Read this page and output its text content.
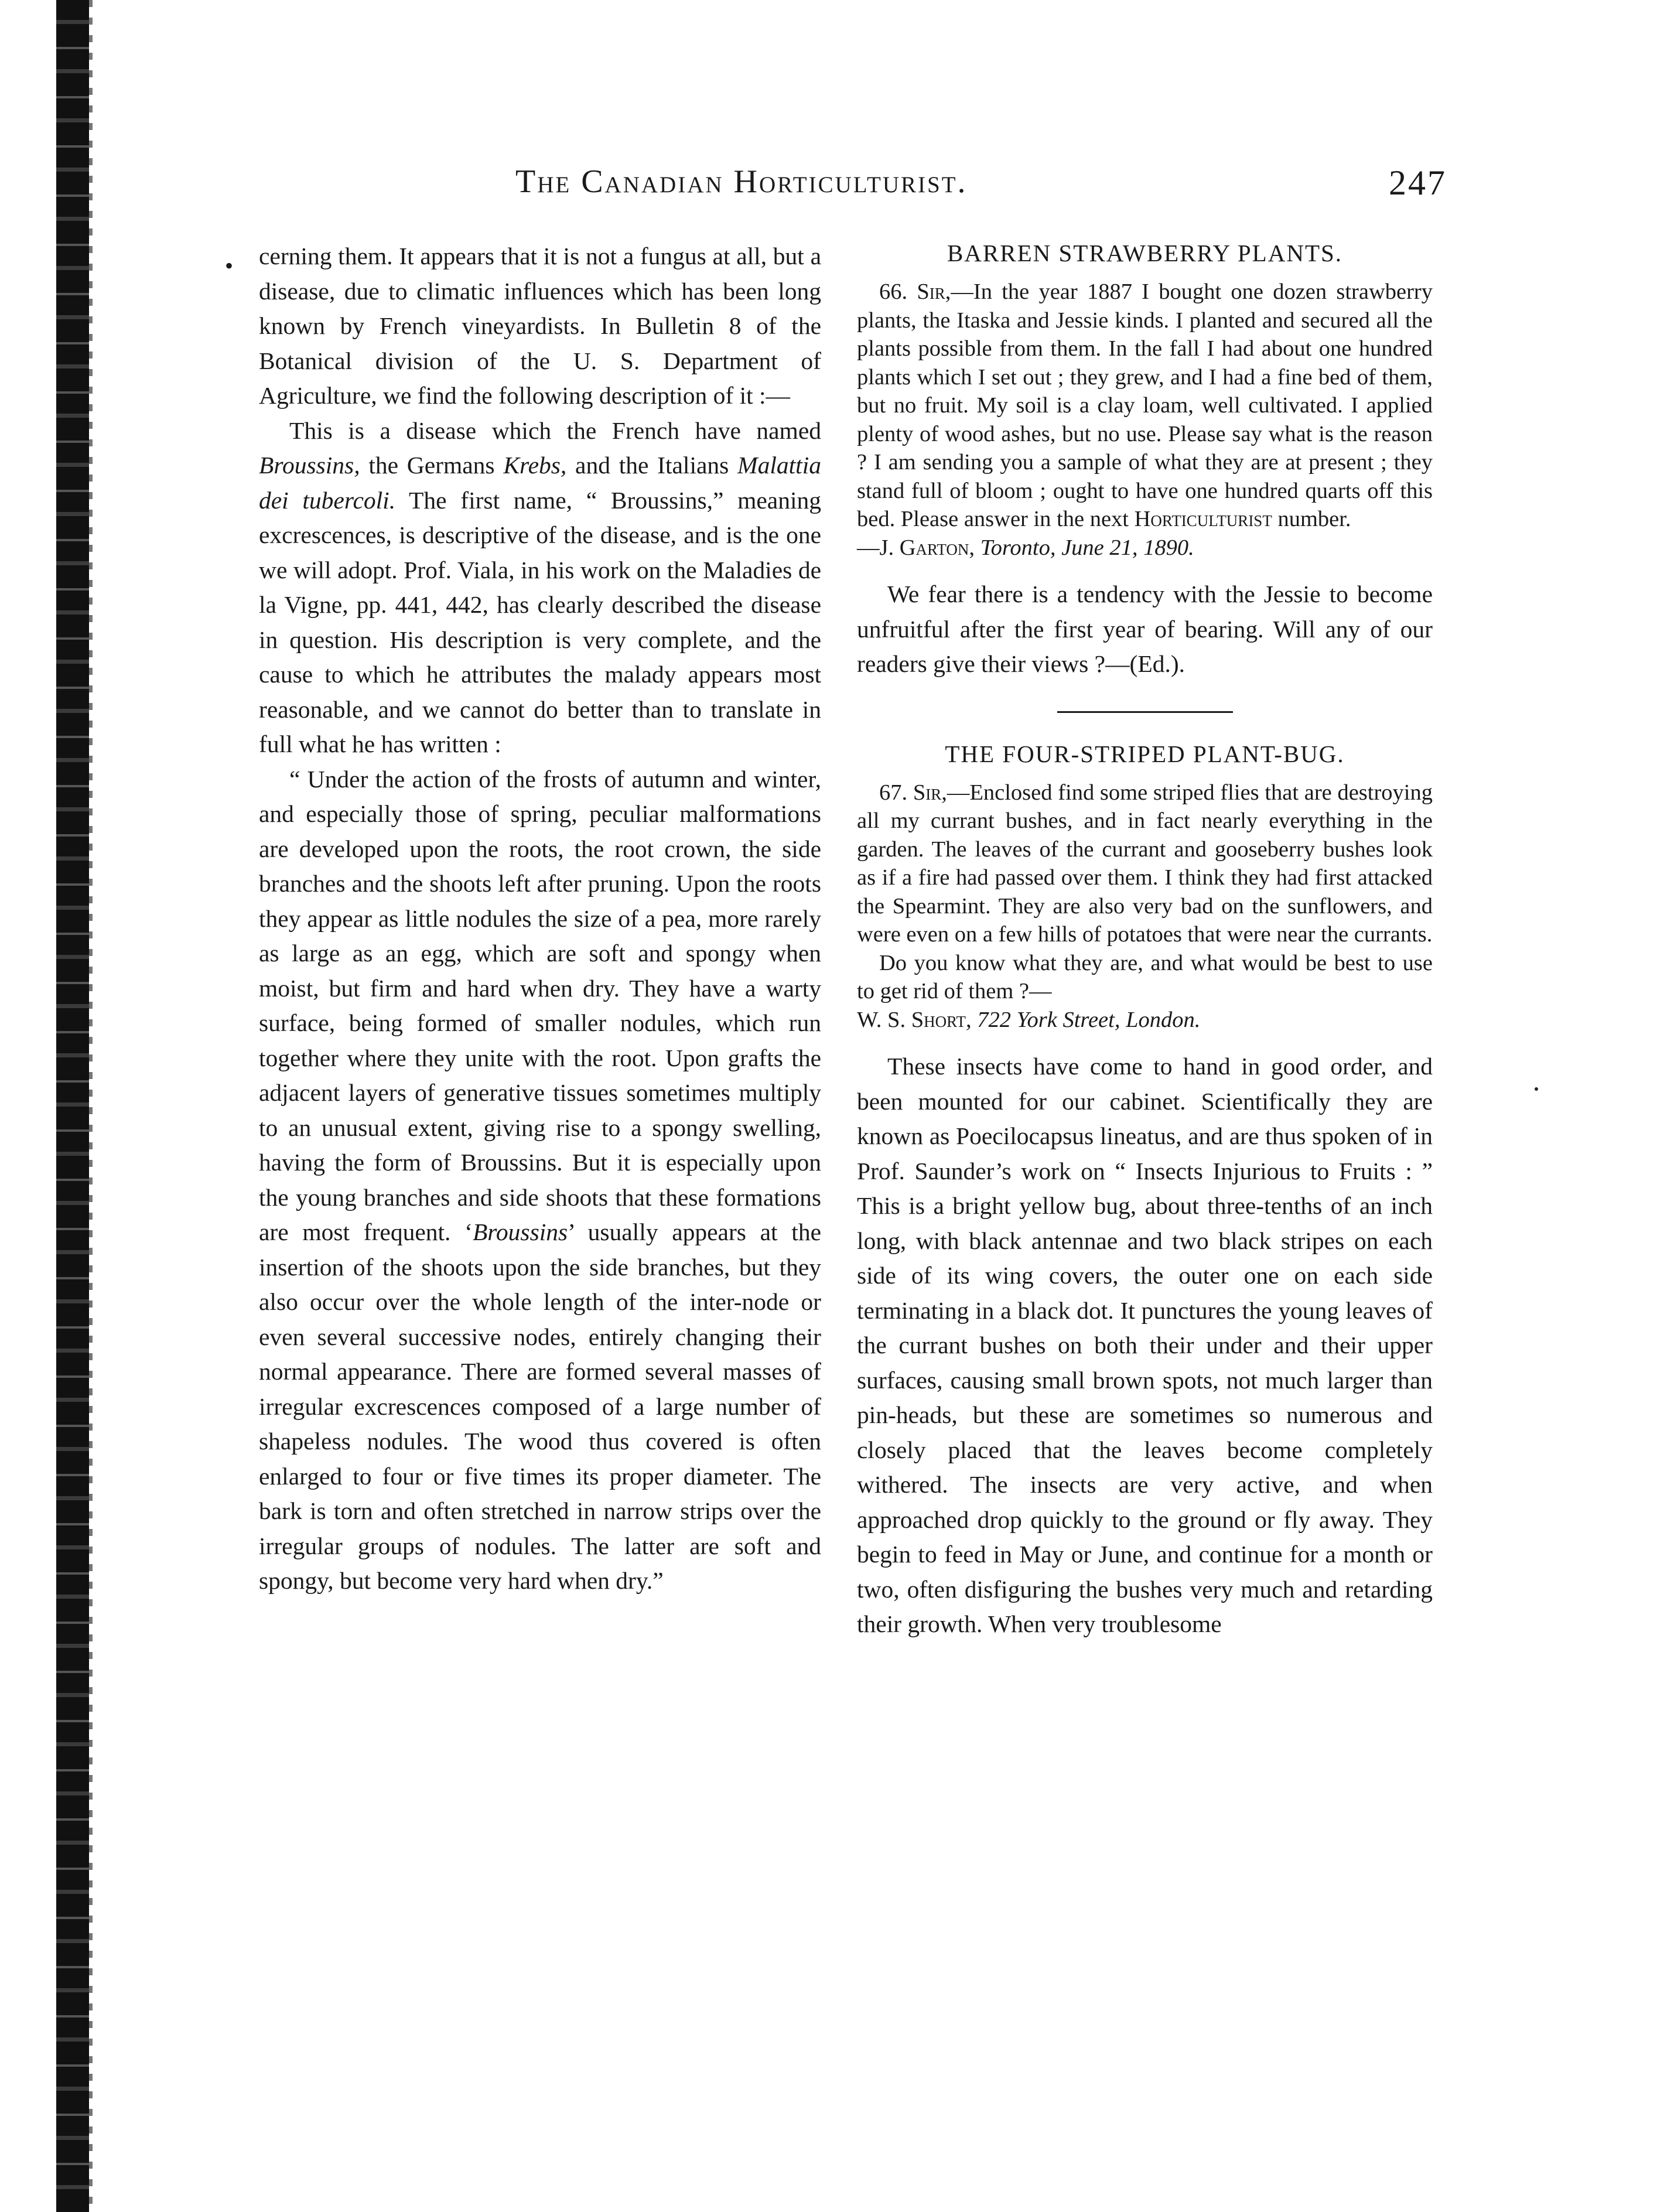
The Canadian Horticulturist.	247
• cerning them. It appears that it is not a fungus at all, but a disease, due to climatic influences which has been long known by French vineyardists. In Bulletin 8 of the Botanical division of the U. S. Department of Agriculture, we find the following description of it :—

This is a disease which the French have named Broussins, the Germans Krebs, and the Italians Malattia dei tubercoli. The first name, “ Broussins,” meaning excrescences, is descriptive of the disease, and is the one we will adopt. Prof. Viala, in his work on the Maladies de la Vigne, pp. 441, 442, has clearly described the disease in question. His description is very complete, and the cause to which he attributes the malady appears most reasonable, and we cannot do better than to translate in full what he has written :

“ Under the action of the frosts of autumn and winter, and especially those of spring, peculiar malformations are developed upon the roots, the root crown, the side branches and the shoots left after pruning. Upon the roots they appear as little nodules the size of a pea, more rarely as large as an egg, which are soft and spongy when moist, but firm and hard when dry. They have a warty surface, being formed of smaller nodules, which run together where they unite with the root. Upon grafts the adjacent layers of generative tissues sometimes multiply to an unusual extent, giving rise to a spongy swelling, having the form of Broussins. But it is especially upon the young branches and side shoots that these formations are most frequent. ‘Broussins’ usually appears at the insertion of the shoots upon the side branches, but they also occur over the whole length of the inter-node or even several successive nodes, entirely changing their normal appearance. There are formed several masses of irregular excrescences composed of a large number of shapeless nodules. The wood thus covered is often enlarged to four or five times its proper diameter. The bark is torn and often stretched in narrow strips over the irregular groups of nodules. The latter are soft and spongy, but become very hard when dry.”

BARREN STRAWBERRY PLANTS.

66. Sir,—In the year 1887 I bought one dozen strawberry plants, the Itaska and Jessie kinds. I planted and secured all the plants possible from them. In the fall I had about one hundred plants which I set out ; they grew, and I had a fine bed of them, but no fruit. My soil is a clay loam, well cultivated. I applied plenty of wood ashes, but no use. Please say what is the reason ? I am sending you a sample of what they are at present ; they stand full of bloom ; ought to have one hundred quarts off this bed. Please answer in the next Horticulturist number.

—J. Garton, Toronto, June 21, 1890.

We fear there is a tendency with the Jessie to become unfruitful after the first year of bearing. Will any of our readers give their views ?—(Ed.).

THE FOUR-STRIPED PLANT-BUG.

67. Sir,—Enclosed find some striped flies that are destroying all my currant bushes, and in fact nearly everything in the garden. The leaves of the currant and gooseberry bushes look as if a fire had passed over them. I think they had first attacked the Spearmint. They are also very bad on the sunflowers, and were even on a few hills of potatoes that were near the currants.

Do you know what they are, and what would be best to use to get rid of them ?—

W. S. Short, 722 York Street, London.

These insects have come to hand in good order, and been mounted for our cabinet. Scientifically they are known as Poecilocapsus lineatus, and are thus spoken of in Prof. Saunder’s work on “ Insects Injurious to Fruits : ” This is a bright yellow bug, about three-tenths of an inch long, with black antennae and two black stripes on each side of its wing covers, the outer one on each side terminating in a black dot. It punctures the young leaves of the currant bushes on both their under and their upper surfaces, causing small brown spots, not much larger than pin-heads, but these are sometimes so numerous and closely placed that the leaves become completely withered. The insects are very active, and when approached drop quickly to the ground or fly away. They begin to feed in May or June, and continue for a month or two, often disfiguring the bushes very much and retarding their growth. When very troublesome
